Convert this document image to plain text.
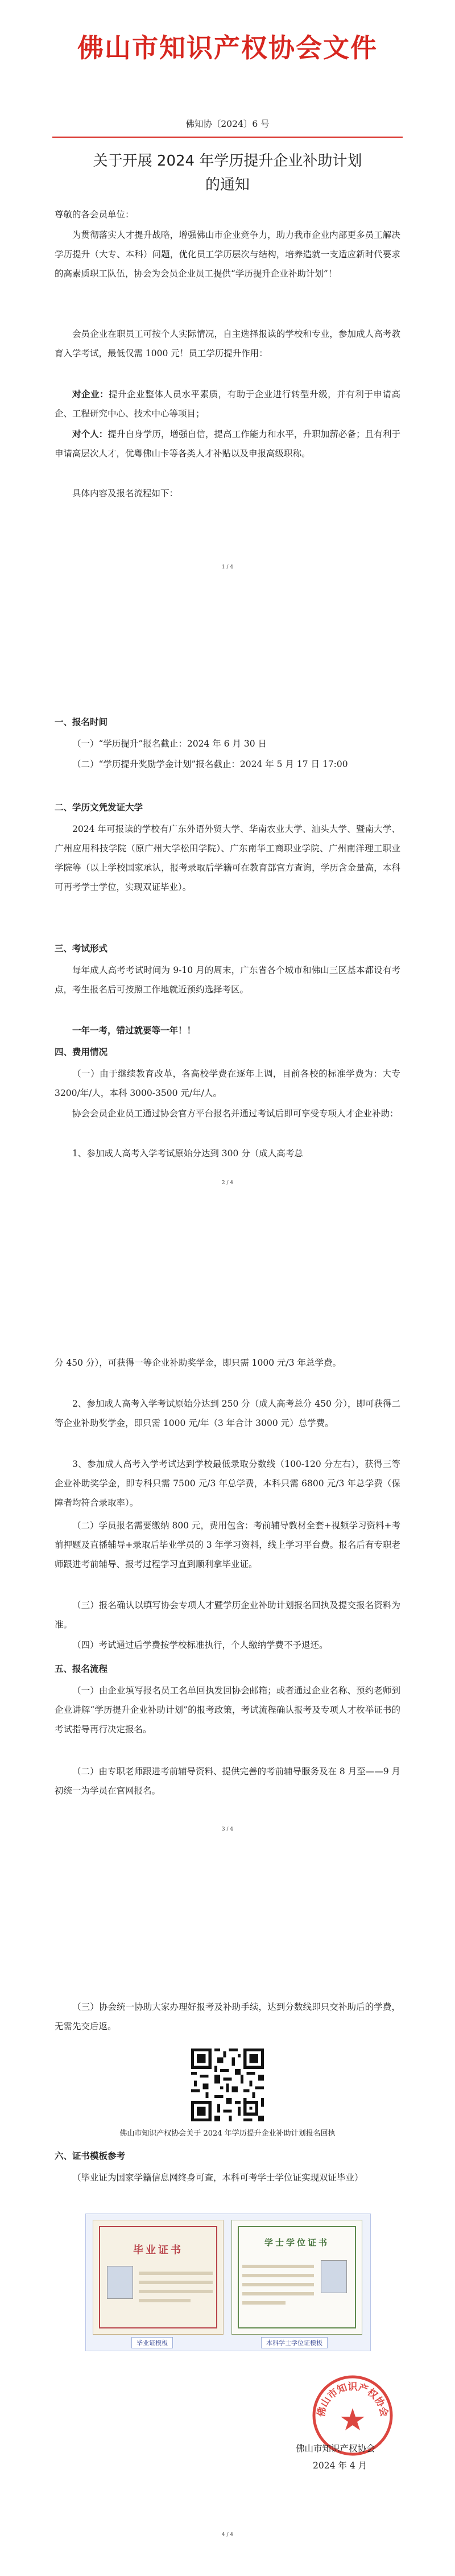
佛山市知识产权协会文件
佛知协〔2024〕6 号
关于开展 2024 年学历提升企业补助计划
的通知
尊敬的各会员单位：
为贯彻落实人才提升战略，增强佛山市企业竞争力，助力我市企业内部更多员工解决学历提升（大专、本科）问题，优化员工学历层次与结构，培养造就一支适应新时代要求的高素质职工队伍，协会为会员企业员工提供“学历提升企业补助计划”！
会员企业在职员工可按个人实际情况，自主选择报读的学校和专业，参加成人高考教育入学考试，最低仅需 1000 元！员工学历提升作用：
对企业：提升企业整体人员水平素质，有助于企业进行转型升级，并有利于申请高企、工程研究中心、技术中心等项目；
对个人：提升自身学历，增强自信，提高工作能力和水平，升职加薪必备；且有利于申请高层次人才，优粤佛山卡等各类人才补贴以及申报高级职称。
具体内容及报名流程如下：
1 / 4
一、报名时间
（一）“学历提升”报名截止：2024 年 6 月 30 日
（二）“学历提升奖励学金计划”报名截止：2024 年 5 月 17 日 17:00
二、学历文凭发证大学
2024 年可报读的学校有广东外语外贸大学、华南农业大学、汕头大学、暨南大学、广州应用科技学院（原广州大学松田学院）、广东南华工商职业学院、广州南洋理工职业学院等（以上学校国家承认，报考录取后学籍可在教育部官方查询，学历含金量高，本科可再考学士学位，实现双证毕业）。
三、考试形式
每年成人高考考试时间为 9-10 月的周末，广东省各个城市和佛山三区基本都设有考点，考生报名后可按照工作地就近预约选择考区。
一年一考，错过就要等一年！！
四、费用情况
（一）由于继续教育改革，各高校学费在逐年上调，目前各校的标准学费为：大专 3200/年/人，本科 3000-3500 元/年/人。
协会会员企业员工通过协会官方平台报名并通过考试后即可享受专项人才企业补助：
1、参加成人高考入学考试原始分达到 300 分（成人高考总
2 / 4
分 450 分），可获得一等企业补助奖学金，即只需 1000 元/3 年总学费。
2、参加成人高考入学考试原始分达到 250 分（成人高考总分 450 分），即可获得二等企业补助奖学金，即只需 1000 元/年（3 年合计 3000 元）总学费。
3、参加成人高考入学考试达到学校最低录取分数线（100-120 分左右），获得三等企业补助奖学金，即专科只需 7500 元/3 年总学费，本科只需 6800 元/3 年总学费（保障者均符合录取率）。
（二）学员报名需要缴纳 800 元，费用包含：考前辅导教材全套+视频学习资料+考前押题及直播辅导+录取后毕业学员的 3 年学习资料，线上学习平台费。报名后有专职老师跟进考前辅导、报考过程学习直到顺利拿毕业证。
（三）报名确认以填写协会专项人才暨学历企业补助计划报名回执及提交报名资料为准。
（四）考试通过后学费按学校标准执行，个人缴纳学费不予退还。
五、报名流程
（一）由企业填写报名员工名单回执发回协会邮箱；或者通过企业名称、预约老师到企业讲解“学历提升企业补助计划”的报考政策，考试流程确认报考及专项人才枚举证书的考试指导再行决定报名。
（二）由专职老师跟进考前辅导资料、提供完善的考前辅导服务及在 8 月至——9 月初统一为学员在官网报名。
3 / 4
（三）协会统一协助大家办理好报考及补助手续，达到分数线即只交补助后的学费，无需先交后返。
佛山市知识产权协会关于 2024 年学历提升企业补助计划报名回执
六、证书模板参考
（毕业证为国家学籍信息网终身可查，本科可考学士学位证实现双证毕业）
毕业证书
学士学位证书
毕业证模板	本科学士学位证模板
佛山市知识产权协会
佛山市知识产权协会
2024 年 4 月
4 / 4
